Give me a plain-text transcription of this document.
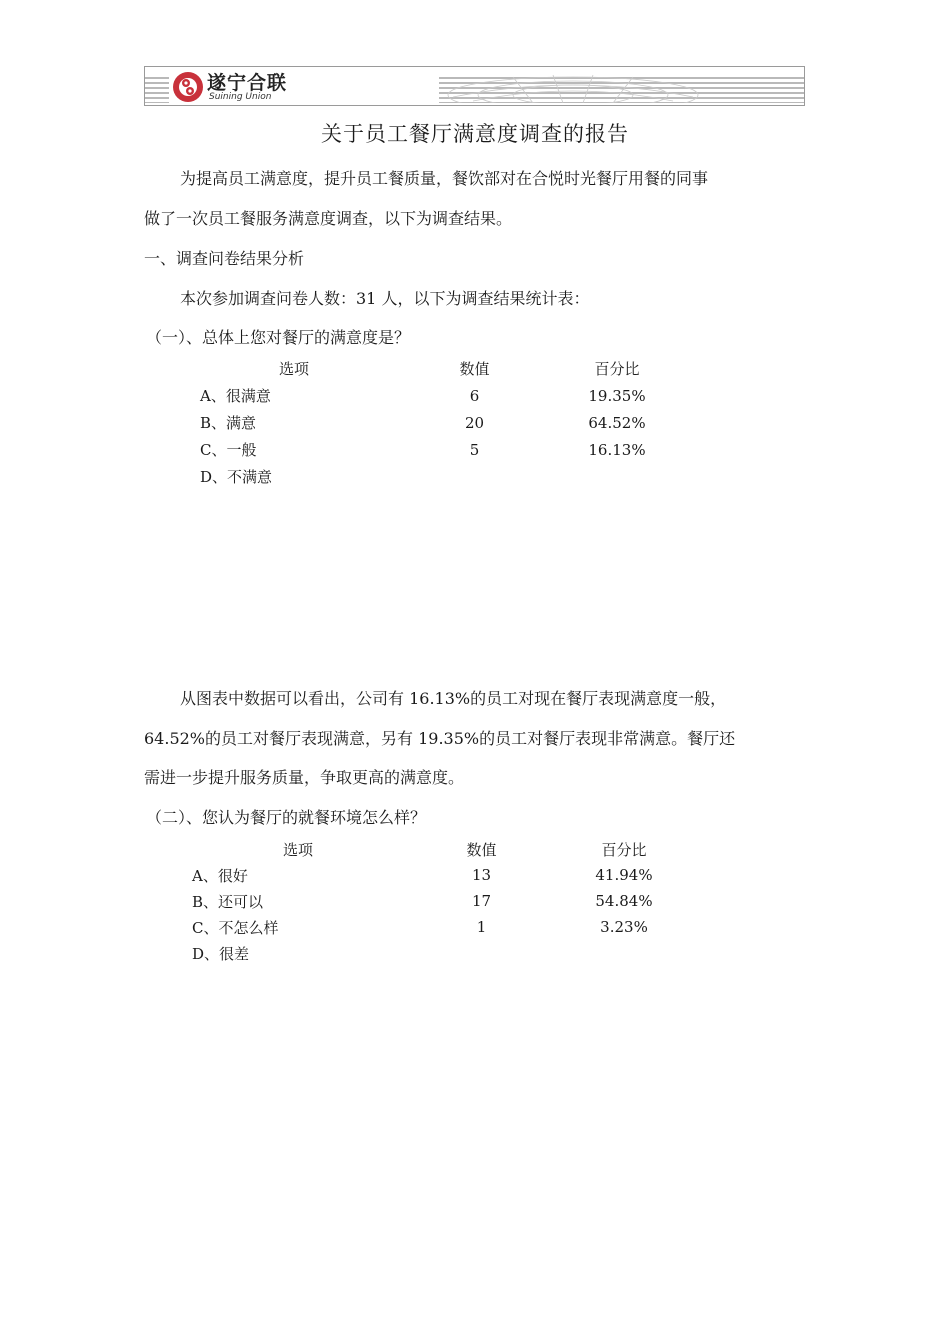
遂宁合联
Suining Union
关于员工餐厅满意度调查的报告
为提高员工满意度，提升员工餐质量，餐饮部对在合悦时光餐厅用餐的同事
做了一次员工餐服务满意度调查，以下为调查结果。
一、调查问卷结果分析
本次参加调查问卷人数：31 人，以下为调查结果统计表：
（一）、总体上您对餐厅的满意度是？
选项	数值	百分比
A、很满意	6	19.35%
B、满意	20	64.52%
C、一般	5	16.13%
D、不满意		
从图表中数据可以看出，公司有 16.13%的员工对现在餐厅表现满意度一般，
64.52%的员工对餐厅表现满意，另有 19.35%的员工对餐厅表现非常满意。餐厅还
需进一步提升服务质量，争取更高的满意度。
（二）、您认为餐厅的就餐环境怎么样？
选项	数值	百分比
A、很好	13	41.94%
B、还可以	17	54.84%
C、不怎么样	1	3.23%
D、很差		
